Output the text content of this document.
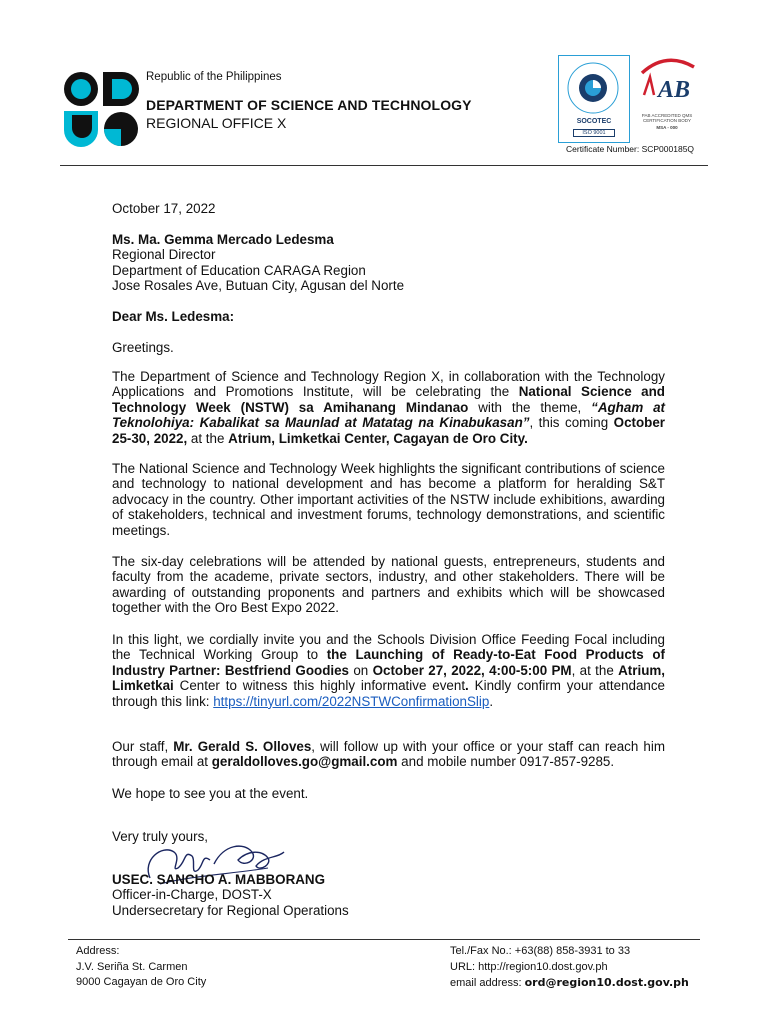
Republic of the Philippines
DEPARTMENT OF SCIENCE AND TECHNOLOGY
REGIONAL OFFICE X	SOCOTEC
ISO 9001
AB
PAB ACCREDITED QMS CERTIFICATION BODY
MSA - 000
Certificate Number: SCP000185Q
October 17, 2022
Ms. Ma. Gemma Mercado Ledesma
Regional Director
Department of Education CARAGA Region
Jose Rosales Ave, Butuan City, Agusan del Norte
Dear Ms. Ledesma:
Greetings.
The Department of Science and Technology Region X, in collaboration with the Technology Applications and Promotions Institute, will be celebrating the National Science and Technology Week (NSTW) sa Amihanang Mindanao with the theme, “Agham at Teknolohiya: Kabalikat sa Maunlad at Matatag na Kinabukasan”, this coming October 25-30, 2022, at the Atrium, Limketkai Center, Cagayan de Oro City.
The National Science and Technology Week highlights the significant contributions of science and technology to national development and has become a platform for heralding S&T advocacy in the country. Other important activities of the NSTW include exhibitions, awarding of stakeholders, technical and investment forums, technology demonstrations, and scientific meetings.
The six-day celebrations will be attended by national guests, entrepreneurs, students and faculty from the academe, private sectors, industry, and other stakeholders. There will be awarding of outstanding proponents and partners and exhibits which will be showcased together with the Oro Best Expo 2022.
In this light, we cordially invite you and the Schools Division Office Feeding Focal including the Technical Working Group to the Launching of Ready-to-Eat Food Products of Industry Partner: Bestfriend Goodies on October 27, 2022, 4:00-5:00 PM, at the Atrium, Limketkai Center to witness this highly informative event. Kindly confirm your attendance through this link: https://tinyurl.com/2022NSTWConfirmationSlip.
Our staff, Mr. Gerald S. Olloves, will follow up with your office or your staff can reach him through email at geraldolloves.go@gmail.com and mobile number 0917-857-9285.
We hope to see you at the event.
Very truly yours,
USEC. SANCHO A. MABBORANG
Officer-in-Charge, DOST-X
Undersecretary for Regional Operations
Address:
J.V. Seriña St. Carmen
9000 Cagayan de Oro City
Tel./Fax No.: +63(88) 858-3931 to 33
URL: http://region10.dost.gov.ph
email address: ord@region10.dost.gov.ph
